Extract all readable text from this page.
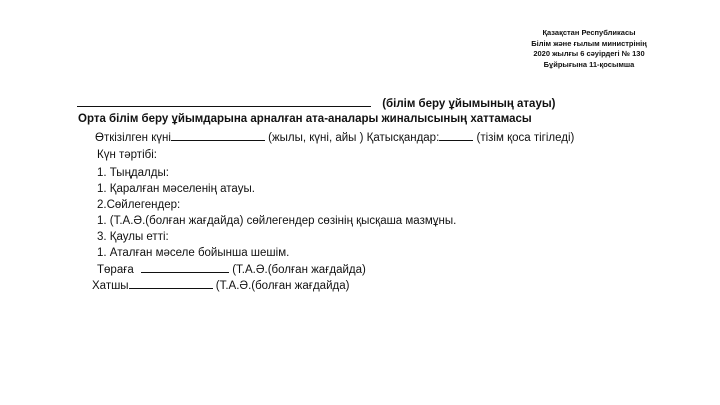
Қазақстан Республикасы
Білім және ғылым министрінің
2020 жылғы 6 сәуірдегі № 130
Бұйрығына 11-қосымша
(білім беру ұйымының атауы)
Орта білім беру ұйымдарына арналған ата-аналары жиналысының хаттамасы
Өткізілген күні	(жылы, күні, айы ) Қатысқандар:	(тізім қоса тігіледі)
Күн тәртібі:
1. Тыңдалды:
1. Қаралған мәселенің атауы.
2.Сөйлегендер:
1. (Т.А.Ә.(болған жағдайда) сөйлегендер сөзінің қысқаша мазмұны.
3. Қаулы етті:
1. Аталған мәселе бойынша шешім.
Төраға	(Т.А.Ә.(болған жағдайда)
Хатшы	(Т.А.Ә.(болған жағдайда)
